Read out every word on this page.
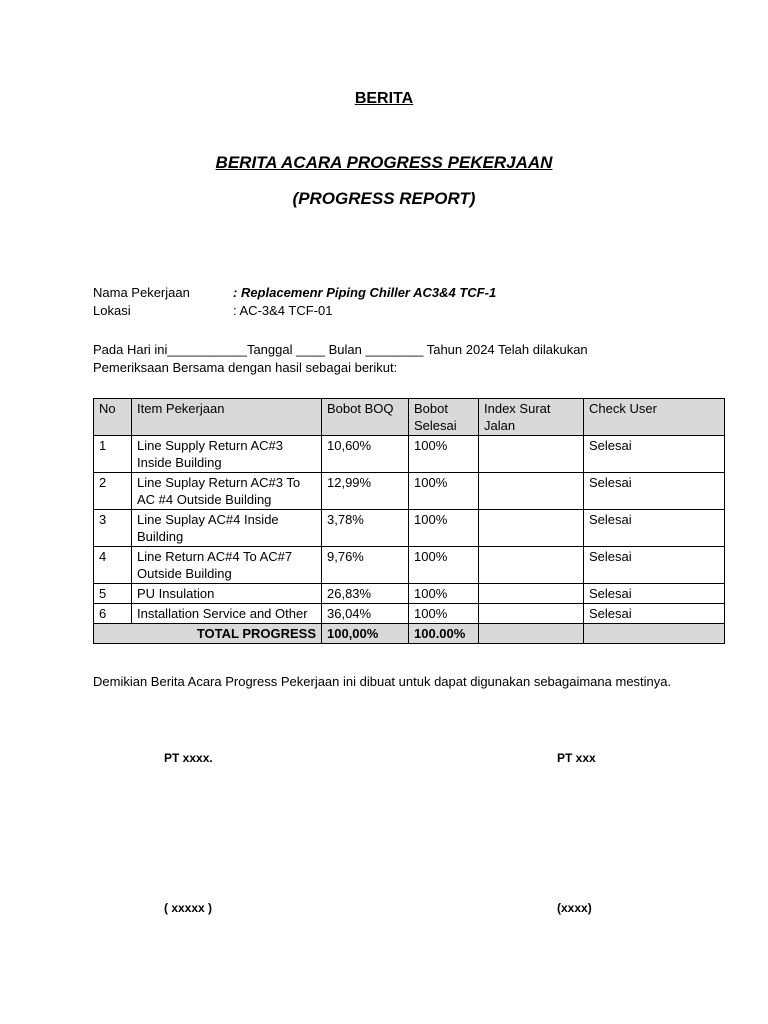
BERITA
BERITA ACARA PROGRESS PEKERJAAN
(PROGRESS REPORT)
Nama Pekerjaan	: Replacemenr Piping Chiller AC3&4 TCF-1
Lokasi	: AC-3&4 TCF-01
Pada Hari ini___________Tanggal ____ Bulan ________ Tahun 2024 Telah dilakukan
Pemeriksaan Bersama dengan hasil sebagai berikut:
No	Item Pekerjaan	Bobot BOQ	Bobot Selesai	Index Surat Jalan	Check User
1	Line Supply Return AC#3 Inside Building	10,60%	100%		Selesai
2	Line Suplay Return AC#3 To AC #4 Outside Building	12,99%	100%		Selesai
3	Line Suplay AC#4 Inside Building	3,78%	100%		Selesai
4	Line Return AC#4 To AC#7 Outside Building	9,76%	100%		Selesai
5	PU Insulation	26,83%	100%		Selesai
6	Installation Service and Other	36,04%	100%		Selesai
TOTAL PROGRESS		100,00%	100.00%		
Demikian Berita Acara Progress Pekerjaan ini dibuat untuk dapat digunakan sebagaimana mestinya.
PT xxxx.	PT xxx
( xxxxx )	(xxxx)
